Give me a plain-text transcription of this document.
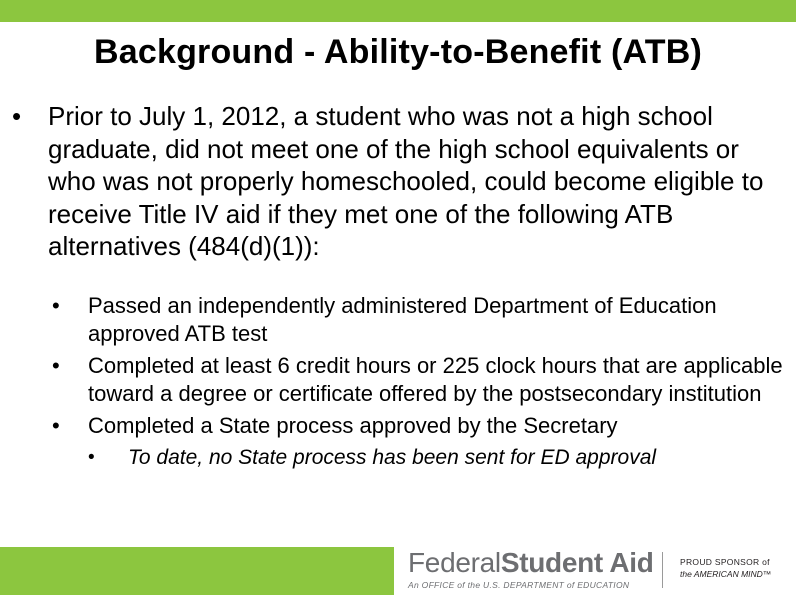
Background - Ability-to-Benefit (ATB)
• Prior to July 1, 2012, a student who was not a high school graduate, did not meet one of the high school equivalents or who was not properly homeschooled, could become eligible to receive Title IV aid if they met one of the following ATB alternatives (484(d)(1)):
• Passed an independently administered Department of Education approved ATB test
• Completed at least 6 credit hours or 225 clock hours that are applicable toward a degree or certificate offered by the postsecondary institution
• Completed a State process approved by the Secretary
• To date, no State process has been sent for ED approval
FederalStudent Aid
An OFFICE of the U.S. DEPARTMENT of EDUCATION
PROUD SPONSOR of
the AMERICAN MIND™
